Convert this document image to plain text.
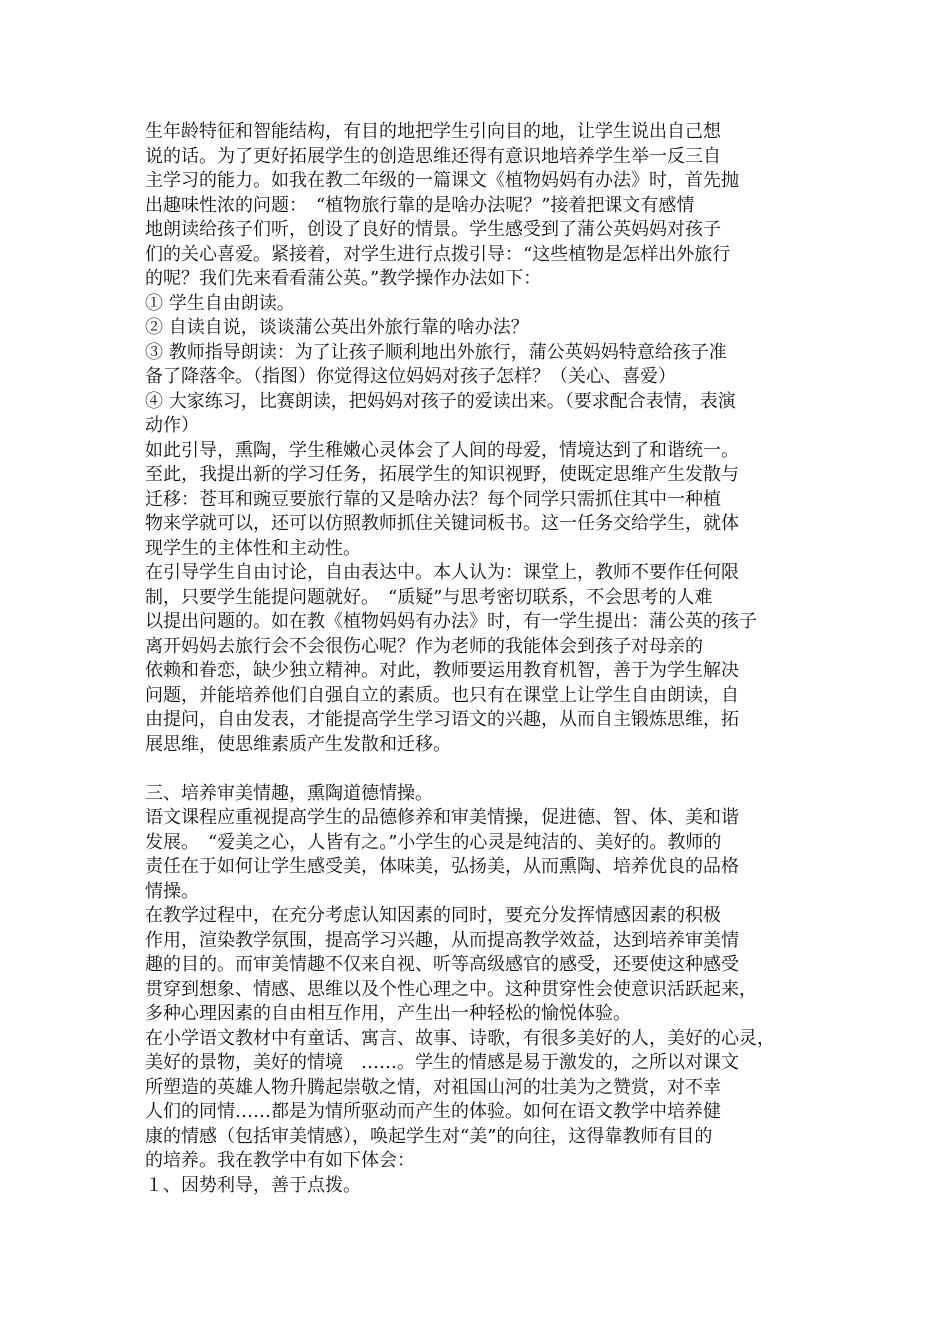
生年龄特征和智能结构，有目的地把学生引向目的地，让学生说出自己想
说的话。为了更好拓展学生的创造思维还得有意识地培养学生举一反三自
主学习的能力。如我在教二年级的一篇课文《植物妈妈有办法》时，首先抛
出趣味性浓的问题：　“植物旅行靠的是啥办法呢？”接着把课文有感情
地朗读给孩子们听，创设了良好的情景。学生感受到了蒲公英妈妈对孩子
们的关心喜爱。紧接着，对学生进行点拨引导：“这些植物是怎样出外旅行
的呢？我们先来看看蒲公英。”教学操作办法如下：
① 学生自由朗读。
② 自读自说，谈谈蒲公英出外旅行靠的啥办法？
③ 教师指导朗读：为了让孩子顺利地出外旅行，蒲公英妈妈特意给孩子准
备了降落伞。（指图）你觉得这位妈妈对孩子怎样？（关心、喜爱）
④ 大家练习，比赛朗读，把妈妈对孩子的爱读出来。（要求配合表情，表演
动作）
如此引导，熏陶，学生稚嫩心灵体会了人间的母爱，情境达到了和谐统一。
至此，我提出新的学习任务，拓展学生的知识视野，使既定思维产生发散与
迁移：苍耳和豌豆要旅行靠的又是啥办法？每个同学只需抓住其中一种植
物来学就可以，还可以仿照教师抓住关键词板书。这一任务交给学生，就体
现学生的主体性和主动性。
在引导学生自由讨论，自由表达中。本人认为：课堂上，教师不要作任何限
制，只要学生能提问题就好。　“质疑”与思考密切联系，不会思考的人难
以提出问题的。如在教《植物妈妈有办法》时，有一学生提出：蒲公英的孩子
离开妈妈去旅行会不会很伤心呢？作为老师的我能体会到孩子对母亲的
依赖和眷恋，缺少独立精神。对此，教师要运用教育机智，善于为学生解决
问题，并能培养他们自强自立的素质。也只有在课堂上让学生自由朗读，自
由提问，自由发表，才能提高学生学习语文的兴趣，从而自主锻炼思维，拓
展思维，使思维素质产生发散和迁移。
三、培养审美情趣，熏陶道德情操。
语文课程应重视提高学生的品德修养和审美情操，促进德、智、体、美和谐
发展。　“爱美之心，人皆有之。”小学生的心灵是纯洁的、美好的。教师的
责任在于如何让学生感受美，体味美，弘扬美，从而熏陶、培养优良的品格
情操。
在教学过程中，在充分考虑认知因素的同时，要充分发挥情感因素的积极
作用，渲染教学氛围，提高学习兴趣，从而提高教学效益，达到培养审美情
趣的目的。而审美情趣不仅来自视、听等高级感官的感受，还要使这种感受
贯穿到想象、情感、思维以及个性心理之中。这种贯穿性会使意识活跃起来，
多种心理因素的自由相互作用，产生出一种轻松的愉悦体验。
在小学语文教材中有童话、寓言、故事、诗歌，有很多美好的人，美好的心灵，
美好的景物，美好的情境　……。学生的情感是易于激发的，之所以对课文
所塑造的英雄人物升腾起崇敬之情，对祖国山河的壮美为之赞赏，对不幸
人们的同情……都是为情所驱动而产生的体验。如何在语文教学中培养健
康的情感（包括审美情感），唤起学生对“美”的向往，这得靠教师有目的
的培养。我在教学中有如下体会：
１、因势利导，善于点拨。
